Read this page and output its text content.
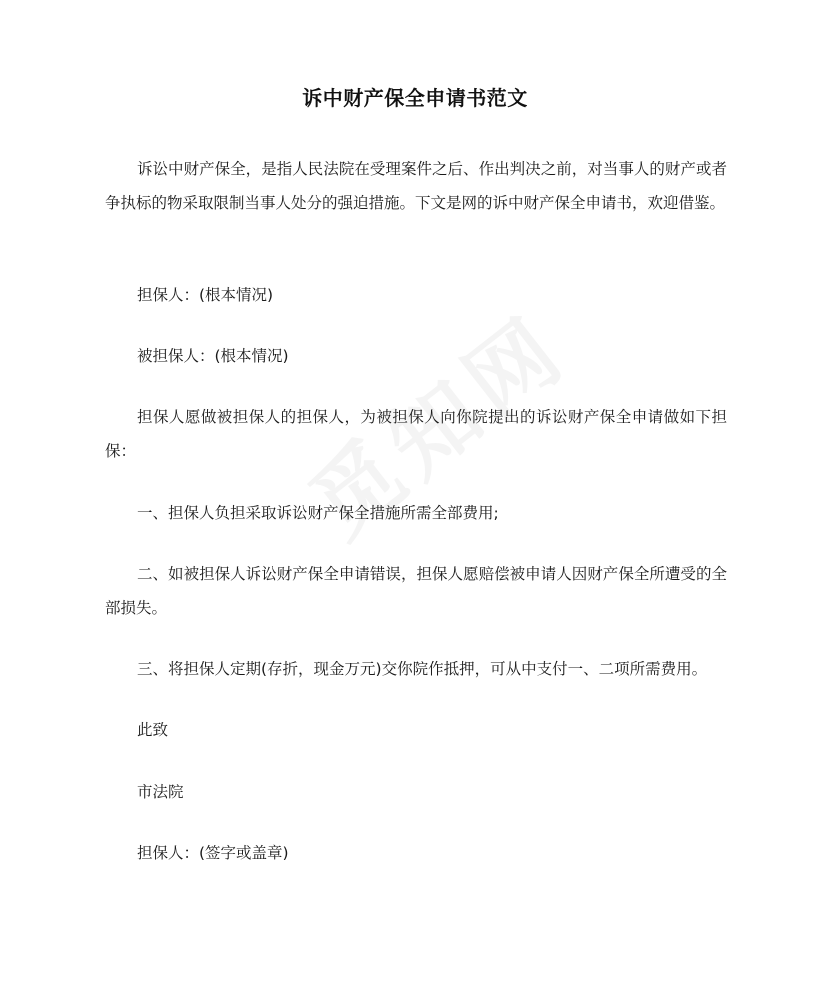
诉中财产保全申请书范文
诉讼中财产保全，是指人民法院在受理案件之后、作出判决之前，对当事人的财产或者争执标的物采取限制当事人处分的强迫措施。下文是网的诉中财产保全申请书，欢迎借鉴。
担保人：(根本情况)
被担保人：(根本情况)
担保人愿做被担保人的担保人，为被担保人向你院提出的诉讼财产保全申请做如下担保：
一、担保人负担采取诉讼财产保全措施所需全部费用;
二、如被担保人诉讼财产保全申请错误，担保人愿赔偿被申请人因财产保全所遭受的全部损失。
三、将担保人定期(存折，现金万元)交你院作抵押，可从中支付一、二项所需费用。
此致
市法院
担保人：(签字或盖章)
